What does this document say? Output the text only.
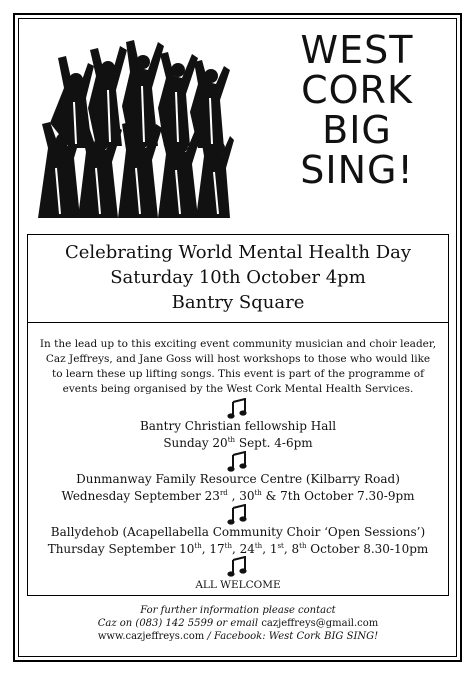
WEST
CORK
BIG
SING!
Celebrating World Mental Health Day
Saturday 10th October 4pm
Bantry Square
In the lead up to this exciting event community musician and choir leader,
Caz Jeffreys, and Jane Goss will host workshops to those who would like
to learn these up lifting songs. This event is part of the programme of
events being organised by the West Cork Mental Health Services.
Bantry Christian fellowship Hall
Sunday 20th Sept. 4-6pm
Dunmanway Family Resource Centre (Kilbarry Road)
Wednesday September 23rd , 30th & 7th October 7.30-9pm
Ballydehob (Acapellabella Community Choir ‘Open Sessions’)
Thursday September 10th, 17th, 24th, 1st, 8th October 8.30-10pm
ALL WELCOME
For further information please contact
Caz on (083) 142 5599 or email cazjeffreys@gmail.com
www.cazjeffreys.com / Facebook: West Cork BIG SING!
